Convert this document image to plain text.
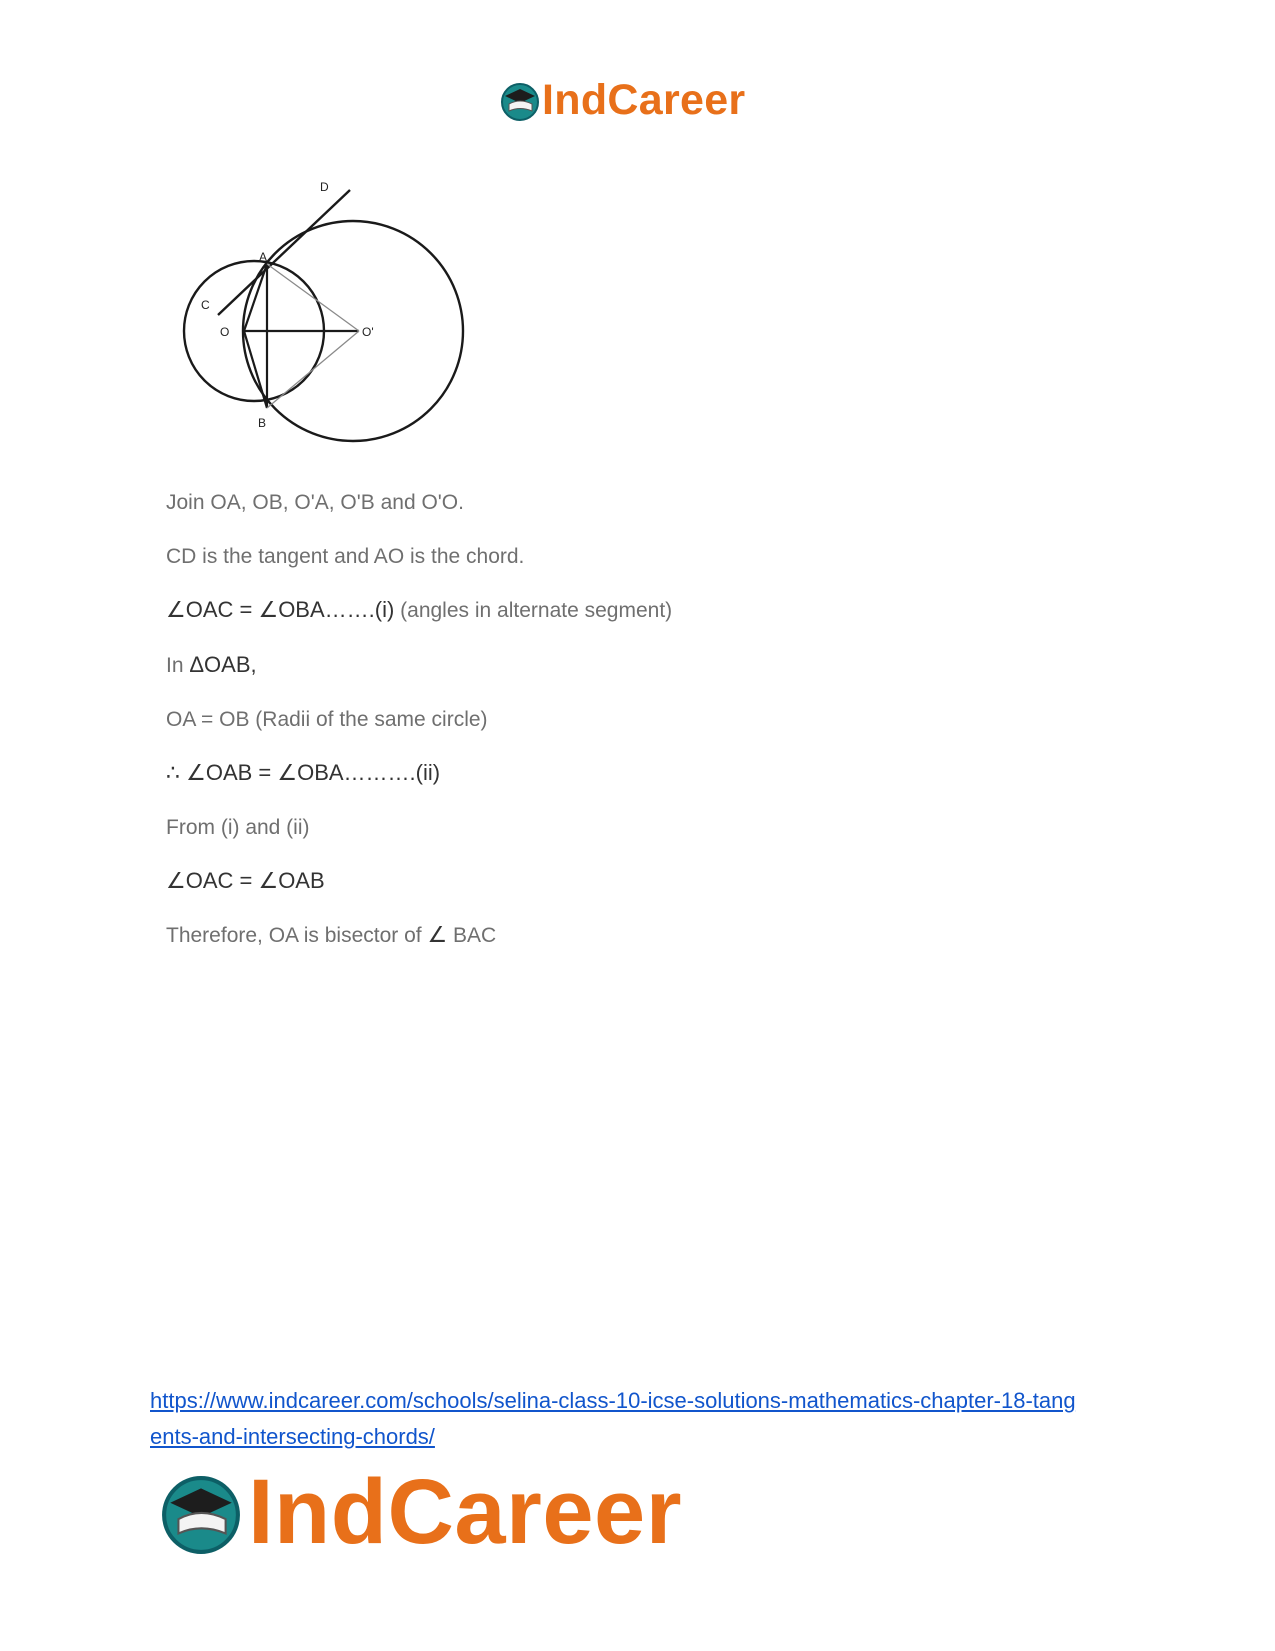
IndCareer
D
A
C
O	O'
B
Join OA, OB, O'A, O'B and O'O.
CD is the tangent and AO is the chord.
∠OAC = ∠OBA…….(i) (angles in alternate segment)
In ΔOAB,
OA = OB (Radii of the same circle)
∴ ∠OAB = ∠OBA……….(ii)
From (i) and (ii)
∠OAC = ∠OAB
Therefore, OA is bisector of ∠ BAC
https://www.indcareer.com/schools/selina-class-10-icse-solutions-mathematics-chapter-18-tang
ents-and-intersecting-chords/
IndCareer
